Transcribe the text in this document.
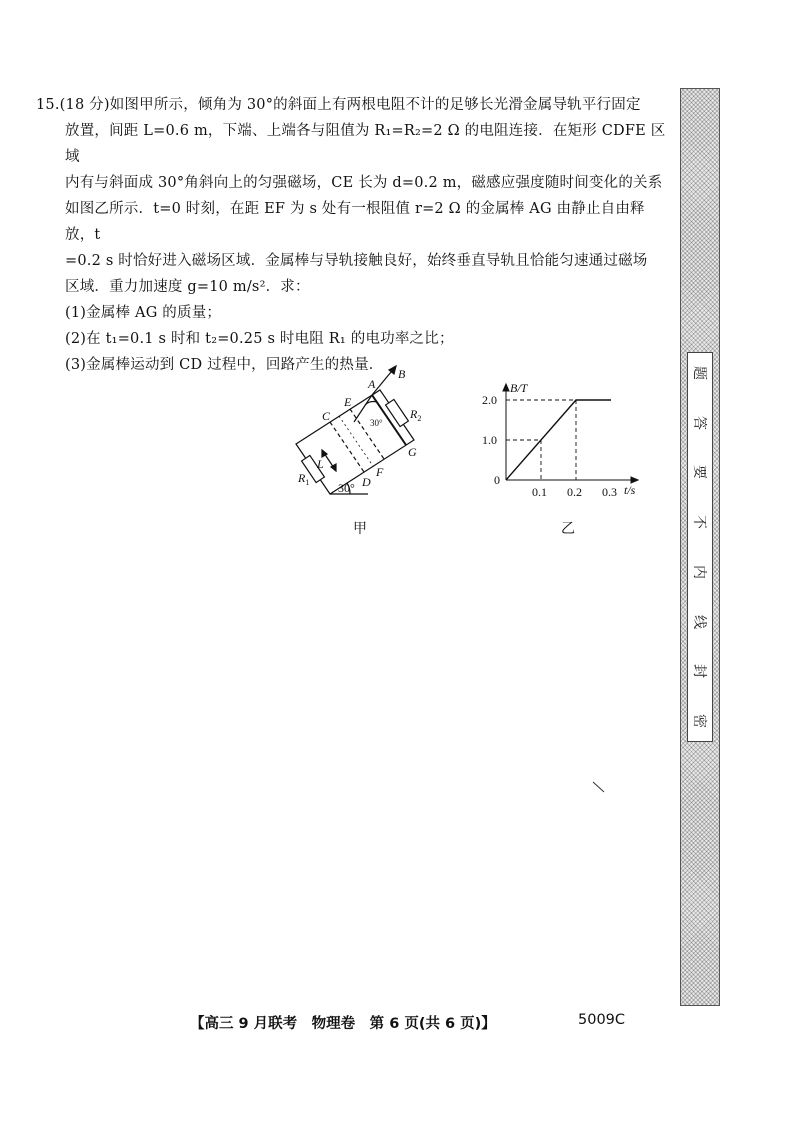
15.(18 分)如图甲所示，倾角为 30°的斜面上有两根电阻不计的足够长光滑金属导轨平行固定

放置，间距 L=0.6 m，下端、上端各与阻值为 R₁=R₂=2 Ω 的电阻连接．在矩形 CDFE 区域

内有与斜面成 30°角斜向上的匀强磁场，CE 长为 d=0.2 m，磁感应强度随时间变化的关系

如图乙所示．t=0 时刻，在距 EF 为 s 处有一根阻值 r=2 Ω 的金属棒 AG 由静止自由释放，t

=0.2 s 时恰好进入磁场区域．金属棒与导轨接触良好，始终垂直导轨且恰能匀速通过磁场

区域．重力加速度 g=10 m/s²．求：

(1)金属棒 AG 的质量；

(2)在 t₁=0.1 s 时和 t₂=0.25 s 时电阻 R₁ 的电功率之比；

(3)金属棒运动到 CD 过程中，回路产生的热量．

A
B
C
E
D
F
G
L
$R_1$
$R_2$
30°
30°
甲
0.1 0.2 0.3
1.0
2.0
B/T
t/s
0
乙
题
答
要
不
内
线
封
密
【高三 9 月联考　物理卷　第 6 页(共 6 页)】	5009C
